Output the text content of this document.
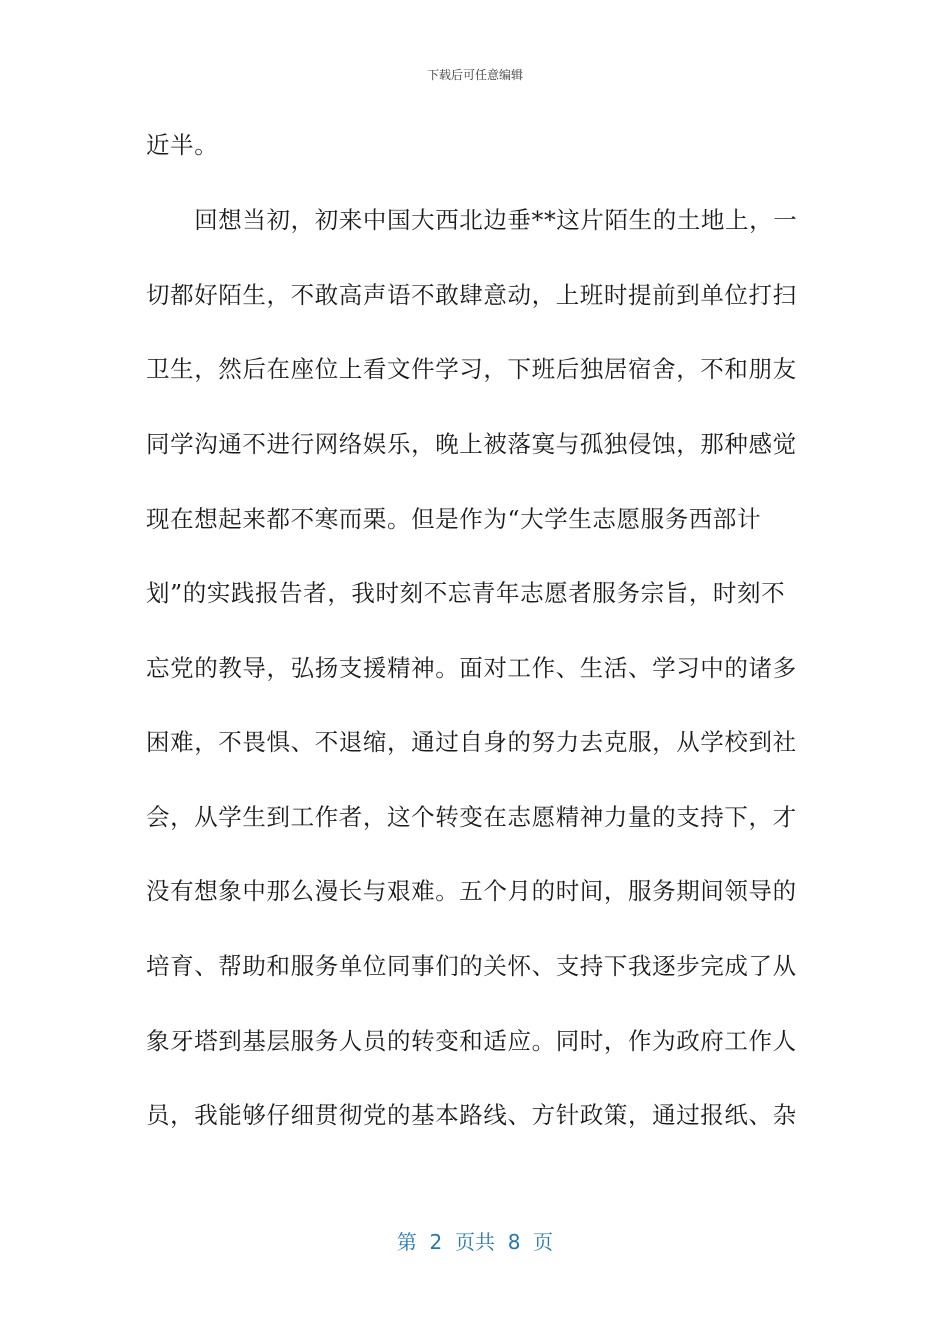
下载后可任意编辑
近半。
　　回想当初，初来中国大西北边垂**这片陌生的土地上，一
切都好陌生，不敢高声语不敢肆意动，上班时提前到单位打扫
卫生，然后在座位上看文件学习，下班后独居宿舍，不和朋友
同学沟通不进行网络娱乐，晚上被落寞与孤独侵蚀，那种感觉
现在想起来都不寒而栗。但是作为“大学生志愿服务西部计
划”的实践报告者，我时刻不忘青年志愿者服务宗旨，时刻不
忘党的教导，弘扬支援精神。面对工作、生活、学习中的诸多
困难，不畏惧、不退缩，通过自身的努力去克服，从学校到社
会，从学生到工作者，这个转变在志愿精神力量的支持下，才
没有想象中那么漫长与艰难。五个月的时间，服务期间领导的
培育、帮助和服务单位同事们的关怀、支持下我逐步完成了从
象牙塔到基层服务人员的转变和适应。同时，作为政府工作人
员，我能够仔细贯彻党的基本路线、方针政策，通过报纸、杂
第  2  页共  8  页
